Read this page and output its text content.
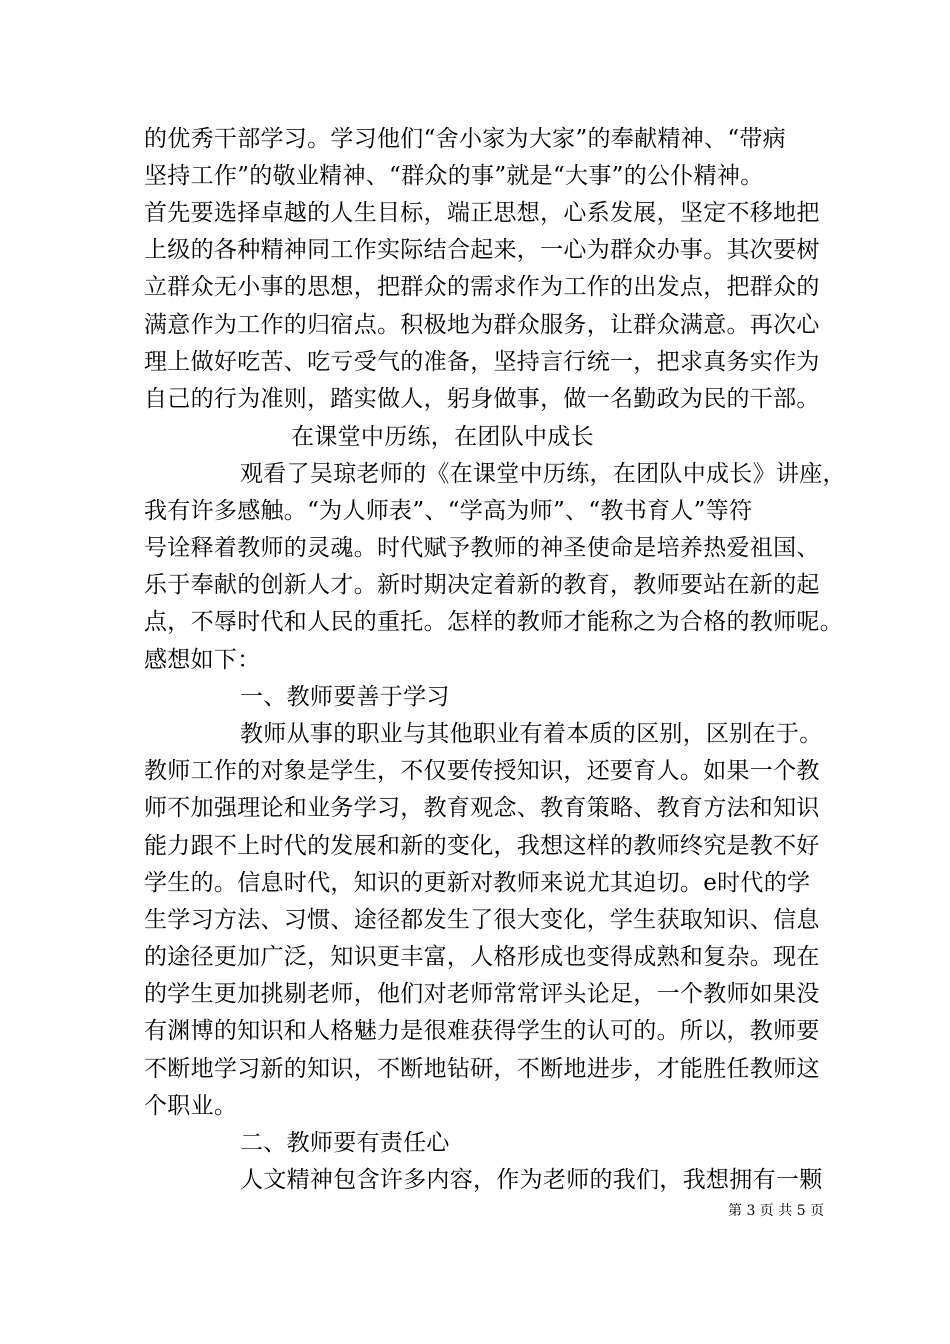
的优秀干部学习。学习他们“舍小家为大家”的奉献精神、“带病
坚持工作”的敬业精神、“群众的事”就是“大事”的公仆精神。
首先要选择卓越的人生目标，端正思想，心系发展，坚定不移地把
上级的各种精神同工作实际结合起来，一心为群众办事。其次要树
立群众无小事的思想，把群众的需求作为工作的出发点，把群众的
满意作为工作的归宿点。积极地为群众服务，让群众满意。再次心
理上做好吃苦、吃亏受气的准备，坚持言行统一，把求真务实作为
自己的行为准则，踏实做人，躬身做事，做一名勤政为民的干部。
在课堂中历练，在团队中成长
观看了吴琼老师的《在课堂中历练，在团队中成长》讲座，
我有许多感触。“为人师表”、“学高为师”、“教书育人”等符
号诠释着教师的灵魂。时代赋予教师的神圣使命是培养热爱祖国、
乐于奉献的创新人才。新时期决定着新的教育，教师要站在新的起
点，不辱时代和人民的重托。怎样的教师才能称之为合格的教师呢。
感想如下：
一、教师要善于学习
教师从事的职业与其他职业有着本质的区别，区别在于。
教师工作的对象是学生，不仅要传授知识，还要育人。如果一个教
师不加强理论和业务学习，教育观念、教育策略、教育方法和知识
能力跟不上时代的发展和新的变化，我想这样的教师终究是教不好
学生的。信息时代，知识的更新对教师来说尤其迫切。e时代的学
生学习方法、习惯、途径都发生了很大变化，学生获取知识、信息
的途径更加广泛，知识更丰富，人格形成也变得成熟和复杂。现在
的学生更加挑剔老师，他们对老师常常评头论足，一个教师如果没
有渊博的知识和人格魅力是很难获得学生的认可的。所以，教师要
不断地学习新的知识，不断地钻研，不断地进步，才能胜任教师这
个职业。
二、教师要有责任心
人文精神包含许多内容，作为老师的我们，我想拥有一颗
第 3 页 共 5 页
